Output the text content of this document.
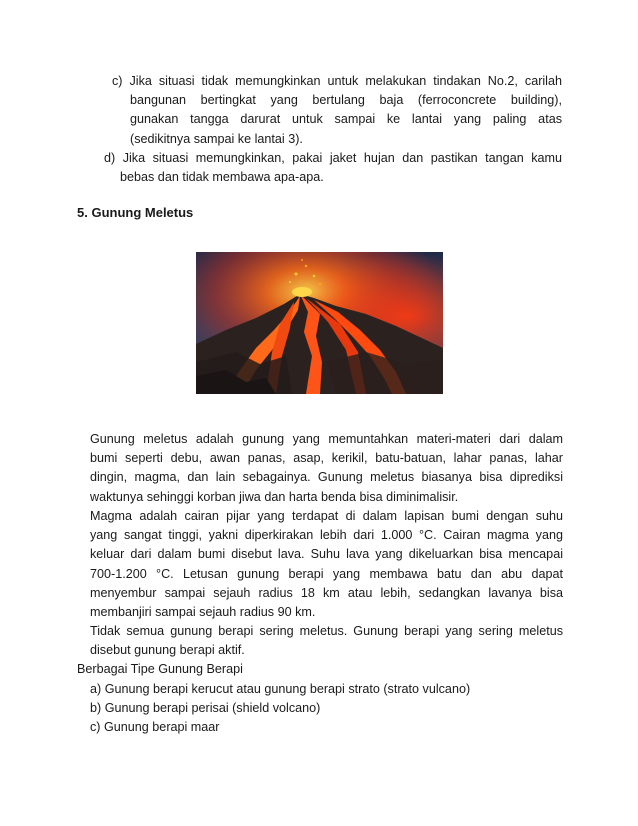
c) Jika situasi tidak memungkinkan untuk melakukan tindakan No.2, carilah
bangunan bertingkat yang bertulang baja (ferroconcrete building),
gunakan tangga darurat untuk sampai ke lantai yang paling atas
(sedikitnya sampai ke lantai 3).
d) Jika situasi memungkinkan, pakai jaket hujan dan pastikan tangan kamu
bebas dan tidak membawa apa-apa.
5. Gunung Meletus
Gunung meletus adalah gunung yang memuntahkan materi-materi dari dalam
bumi seperti debu, awan panas, asap, kerikil, batu-batuan, lahar panas, lahar
dingin, magma, dan lain sebagainya. Gunung meletus biasanya bisa diprediksi
waktunya sehinggi korban jiwa dan harta benda bisa diminimalisir.
Magma adalah cairan pijar yang terdapat di dalam lapisan bumi dengan suhu
yang sangat tinggi, yakni diperkirakan lebih dari 1.000 °C. Cairan magma yang
keluar dari dalam bumi disebut lava. Suhu lava yang dikeluarkan bisa mencapai
700-1.200 °C. Letusan gunung berapi yang membawa batu dan abu dapat
menyembur sampai sejauh radius 18 km atau lebih, sedangkan lavanya bisa
membanjiri sampai sejauh radius 90 km.
Tidak semua gunung berapi sering meletus. Gunung berapi yang sering meletus
disebut gunung berapi aktif.
Berbagai Tipe Gunung Berapi
a) Gunung berapi kerucut atau gunung berapi strato (strato vulcano)
b) Gunung berapi perisai (shield volcano)
c) Gunung berapi maar
